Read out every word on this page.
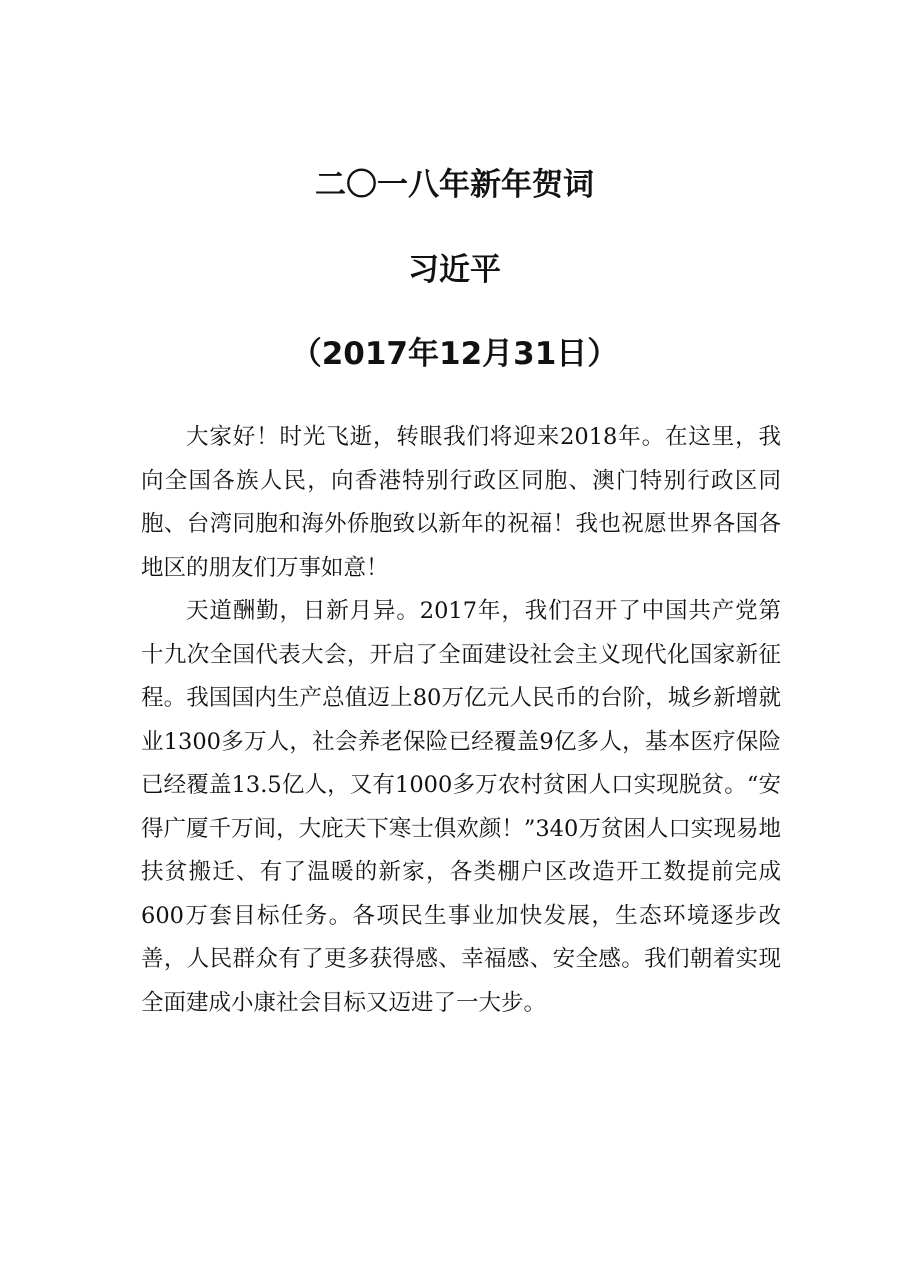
二〇一八年新年贺词
习近平
（2017年12月31日）

大家好！时光飞逝，转眼我们将迎来2018年。在这里，我向全国各族人民，向香港特别行政区同胞、澳门特别行政区同胞、台湾同胞和海外侨胞致以新年的祝福！我也祝愿世界各国各地区的朋友们万事如意！

天道酬勤，日新月异。2017年，我们召开了中国共产党第十九次全国代表大会，开启了全面建设社会主义现代化国家新征程。我国国内生产总值迈上80万亿元人民币的台阶，城乡新增就业1300多万人，社会养老保险已经覆盖9亿多人，基本医疗保险已经覆盖13.5亿人，又有1000多万农村贫困人口实现脱贫。“安得广厦千万间，大庇天下寒士俱欢颜！”340万贫困人口实现易地扶贫搬迁、有了温暖的新家，各类棚户区改造开工数提前完成600万套目标任务。各项民生事业加快发展，生态环境逐步改善，人民群众有了更多获得感、幸福感、安全感。我们朝着实现全面建成小康社会目标又迈进了一大步。
